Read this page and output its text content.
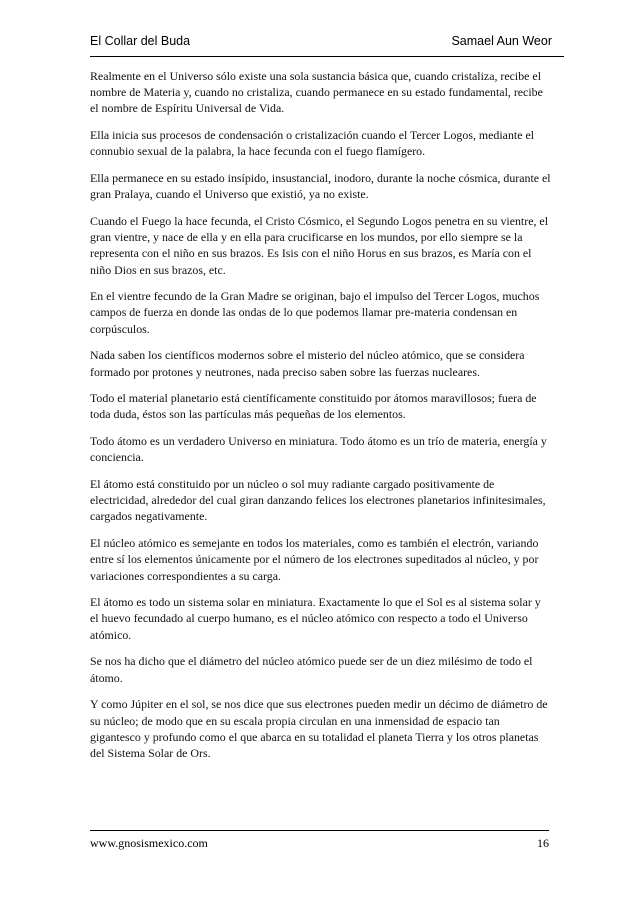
El Collar del Buda	Samael Aun Weor

Realmente en el Universo sólo existe una sola sustancia básica que, cuando cristaliza, recibe el nombre de Materia y, cuando no cristaliza, cuando permanece en su estado fundamental, recibe el nombre de Espíritu Universal de Vida.

Ella inicia sus procesos de condensación o cristalización cuando el Tercer Logos, mediante el connubio sexual de la palabra, la hace fecunda con el fuego flamígero.

Ella permanece en su estado insípido, insustancial, inodoro, durante la noche cósmica, durante el gran Pralaya, cuando el Universo que existió, ya no existe.

Cuando el Fuego la hace fecunda, el Cristo Cósmico, el Segundo Logos penetra en su vientre, el gran vientre, y nace de ella y en ella para crucificarse en los mundos, por ello siempre se la representa con el niño en sus brazos. Es Isis con el niño Horus en sus brazos, es María con el niño Dios en sus brazos, etc.

En el vientre fecundo de la Gran Madre se originan, bajo el impulso del Tercer Logos, muchos campos de fuerza en donde las ondas de lo que podemos llamar pre-materia condensan en corpúsculos.

Nada saben los científicos modernos sobre el misterio del núcleo atómico, que se considera formado por protones y neutrones, nada preciso saben sobre las fuerzas nucleares.

Todo el material planetario está científicamente constituido por átomos maravillosos; fuera de toda duda, éstos son las partículas más pequeñas de los elementos.

Todo átomo es un verdadero Universo en miniatura. Todo átomo es un trío de materia, energía y conciencia.

El átomo está constituido por un núcleo o sol muy radiante cargado positivamente de electricidad, alrededor del cual giran danzando felices los electrones planetarios infinitesimales, cargados negativamente.

El núcleo atómico es semejante en todos los materiales, como es también el electrón, variando entre sí los elementos únicamente por el número de los electrones supeditados al núcleo, y por variaciones correspondientes a su carga.

El átomo es todo un sistema solar en miniatura. Exactamente lo que el Sol es al sistema solar y el huevo fecundado al cuerpo humano, es el núcleo atómico con respecto a todo el Universo atómico.

Se nos ha dicho que el diámetro del núcleo atómico puede ser de un diez milésimo de todo el átomo.

Y como Júpiter en el sol, se nos dice que sus electrones pueden medir un décimo de diámetro de su núcleo; de modo que en su escala propia circulan en una inmensidad de espacio tan gigantesco y profundo como el que abarca en su totalidad el planeta Tierra y los otros planetas del Sistema Solar de Ors.

www.gnosismexico.com	16
